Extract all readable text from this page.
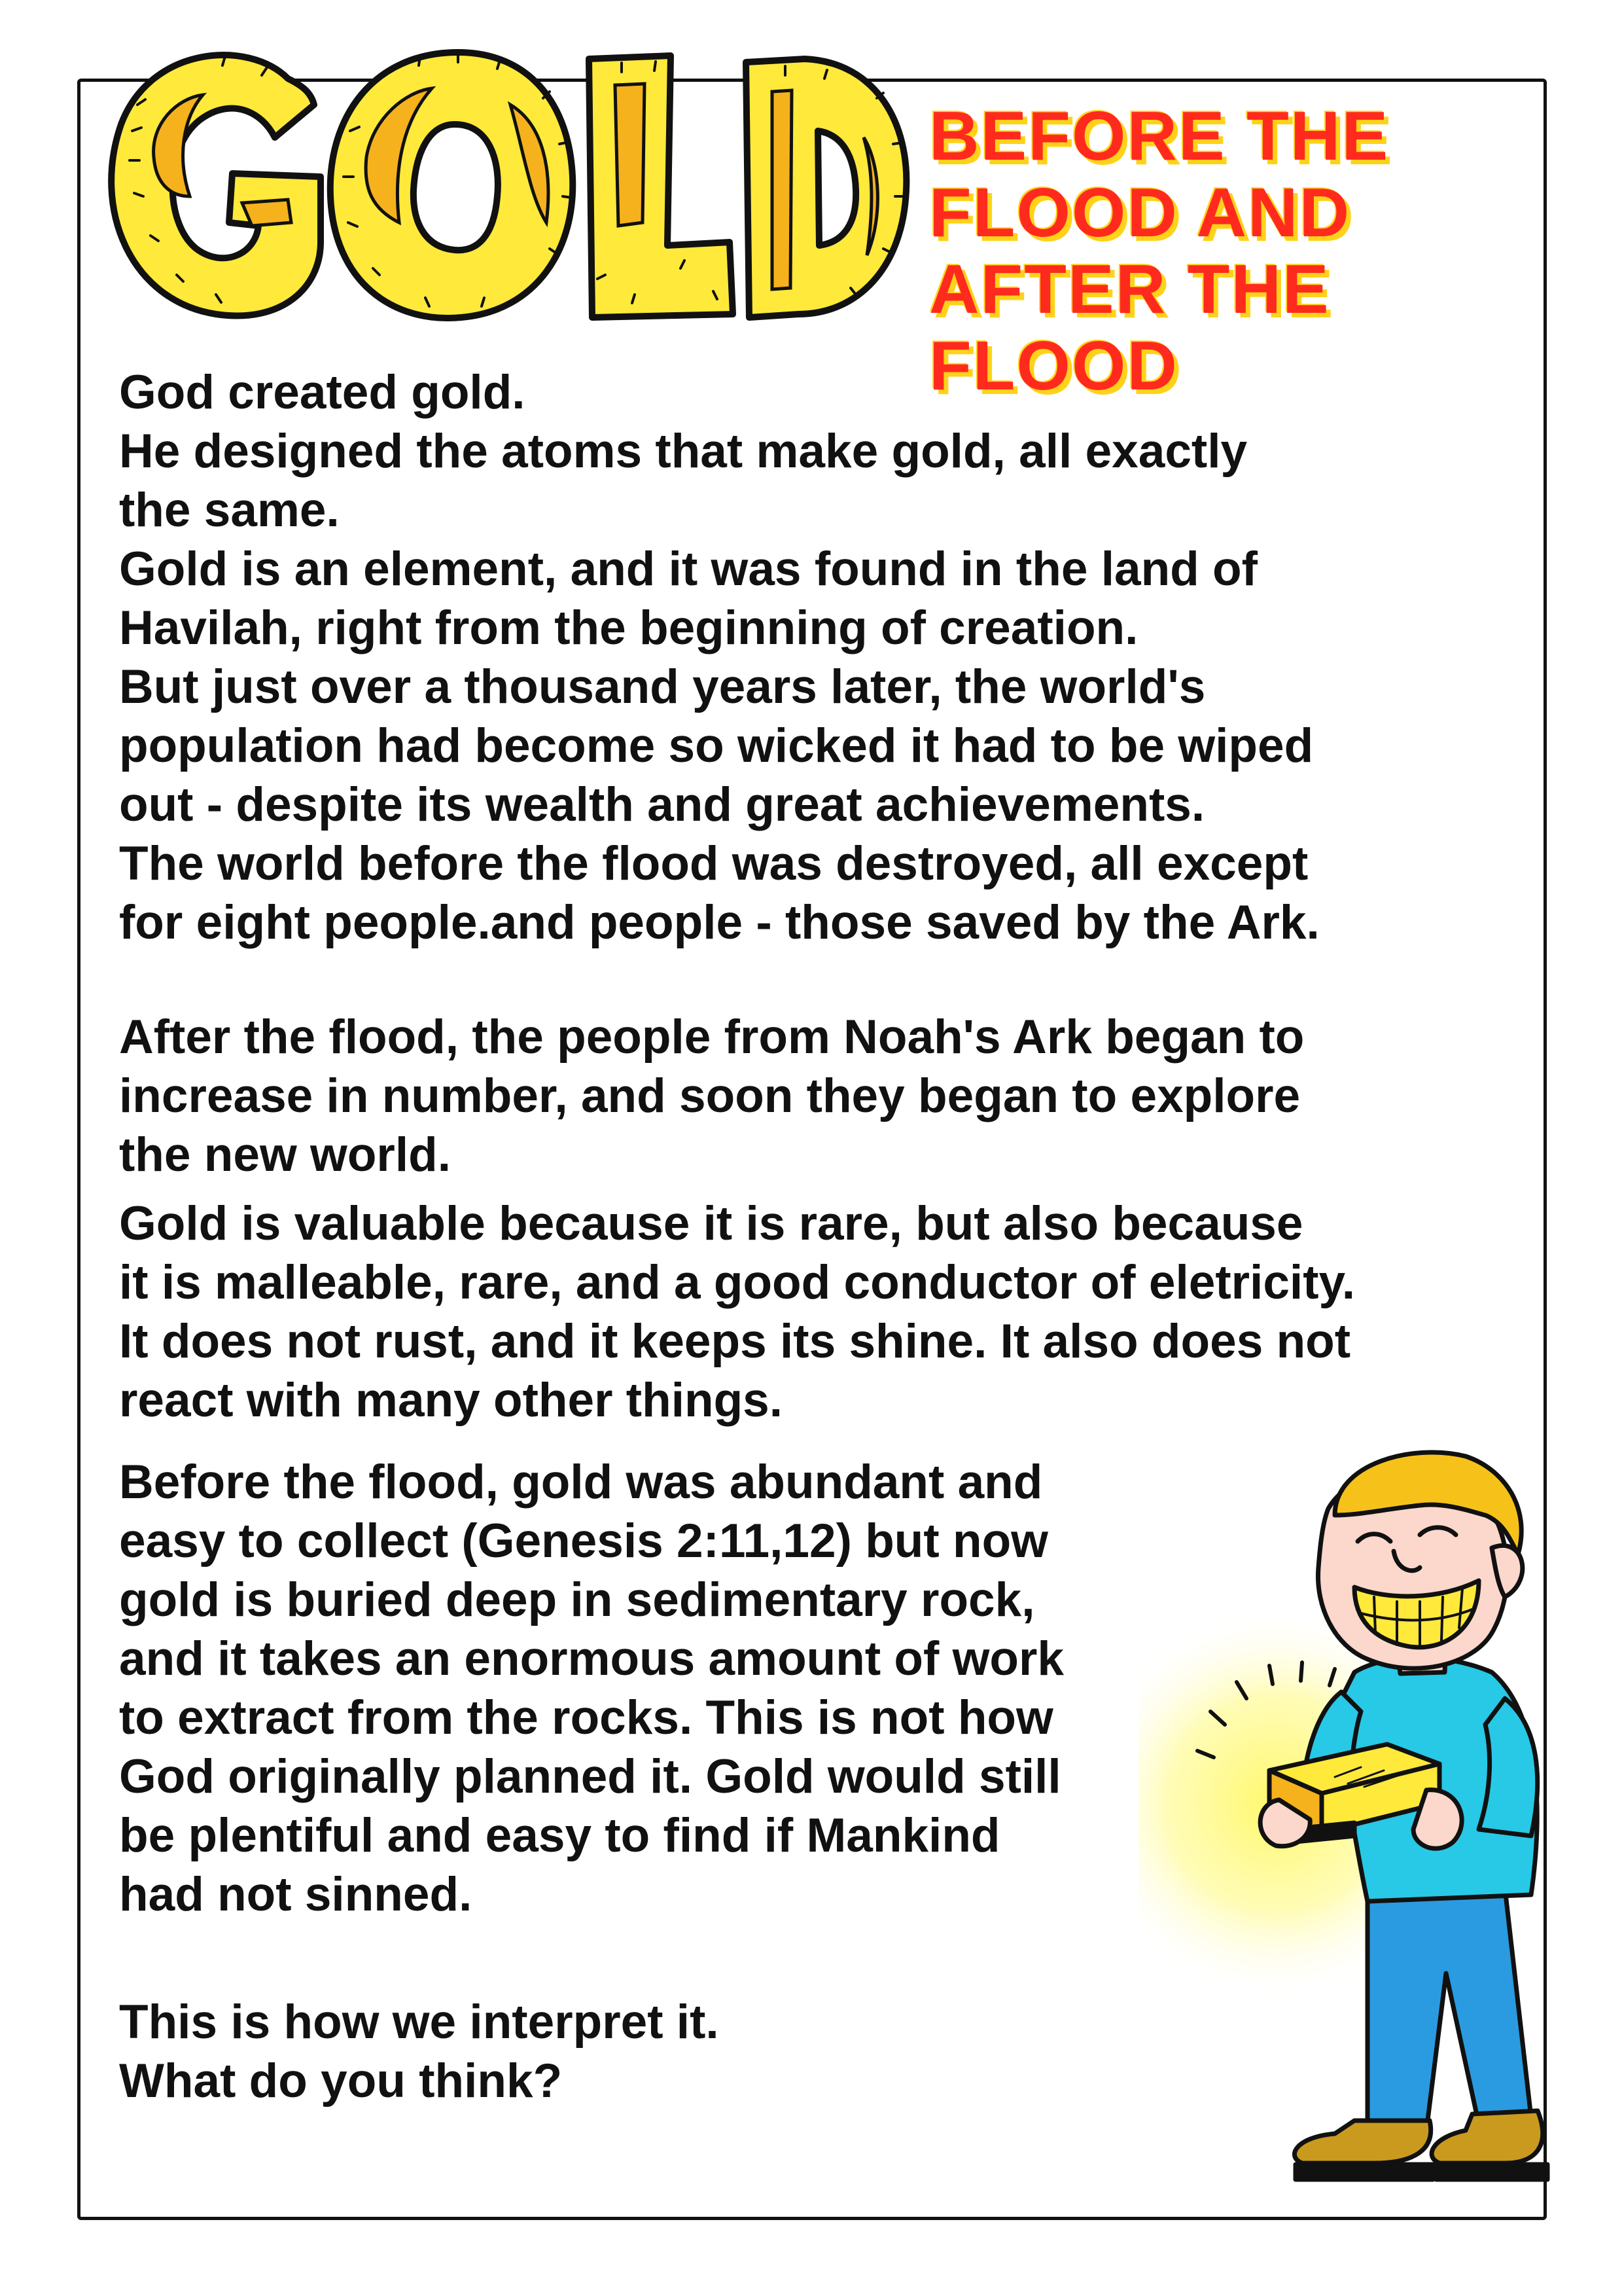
BEFORE THE
FLOOD AND
AFTER THE
FLOOD

God created gold.
He designed the atoms that make gold, all exactly
the same.
Gold is an element, and it was found in the land of
Havilah, right from the beginning of creation.
But just over a thousand years later, the world's
population had become so wicked it had to be wiped
out - despite its wealth and great achievements.
The world before the flood was destroyed, all except
for eight people.and people - those saved by the Ark.

After the flood, the people from Noah's Ark began to
increase in number, and soon they began to explore
the new world.

Gold is valuable because it is rare, but also because
it is malleable, rare, and a good conductor of eletricity.
It does not rust, and it keeps its shine. It also does not
react with many other things.

Before the flood, gold was abundant and
easy to collect (Genesis 2:11,12) but now
gold is buried deep in sedimentary rock,
and it takes an enormous amount of work
to extract from the rocks. This is not how
God originally planned it. Gold would still
be plentiful and easy to find if Mankind
had not sinned.

This is how we interpret it.
What do you think?
